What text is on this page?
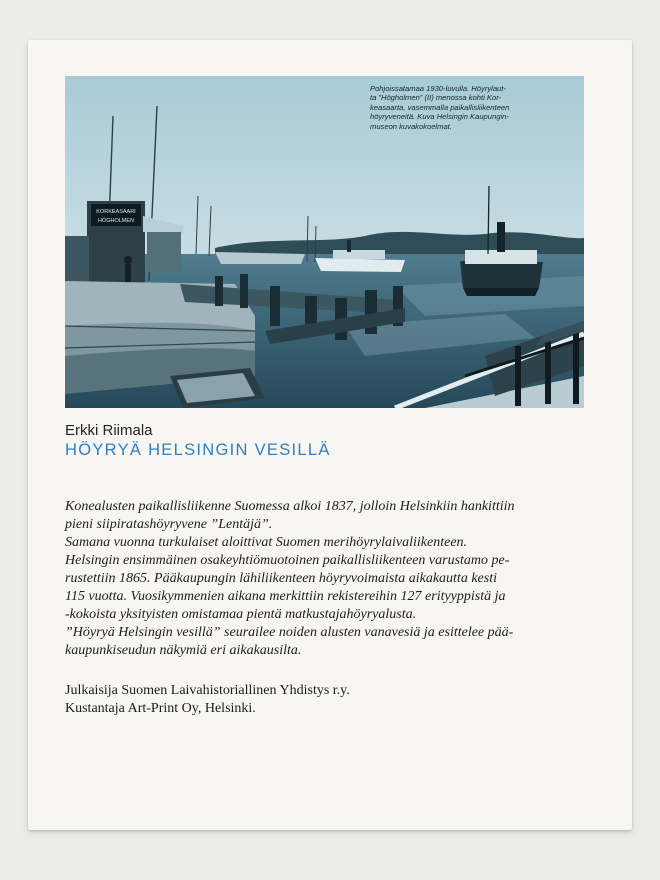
KORKEASAARI
HÖGHOLMEN
Pohjoissatamaa 1930-luvulla. Höyrylaut-
ta ”Högholmen” (II) menossa kohti Kor-
keasaarta, vasemmalla paikallisliikenteen
höyryveneitä. Kuva Helsingin Kaupungin-
museon kuvakokoelmat.
Erkki Riimala
HÖYRYÄ HELSINGIN VESILLÄ
Konealusten paikallisliikenne Suomessa alkoi 1837, jolloin Helsinkiin hankittiin
pieni siipiratashöyryvene ”Lentäjä”.
Samana vuonna turkulaiset aloittivat Suomen merihöyrylaivaliikenteen.
Helsingin ensimmäinen osakeyhtiömuotoinen paikallisliikenteen varustamo pe-
rustettiin 1865. Pääkaupungin lähiliikenteen höyryvoimaista aikakautta kesti
115 vuotta. Vuosikymmenien aikana merkittiin rekistereihin 127 erityyppistä ja
-kokoista yksityisten omistamaa pientä matkustajahöyryalusta.
”Höyryä Helsingin vesillä” seurailee noiden alusten vanavesiä ja esittelee pää-
kaupunkiseudun näkymiä eri aikakausilta.
Julkaisija Suomen Laivahistoriallinen Yhdistys r.y.
Kustantaja Art-Print Oy, Helsinki.
